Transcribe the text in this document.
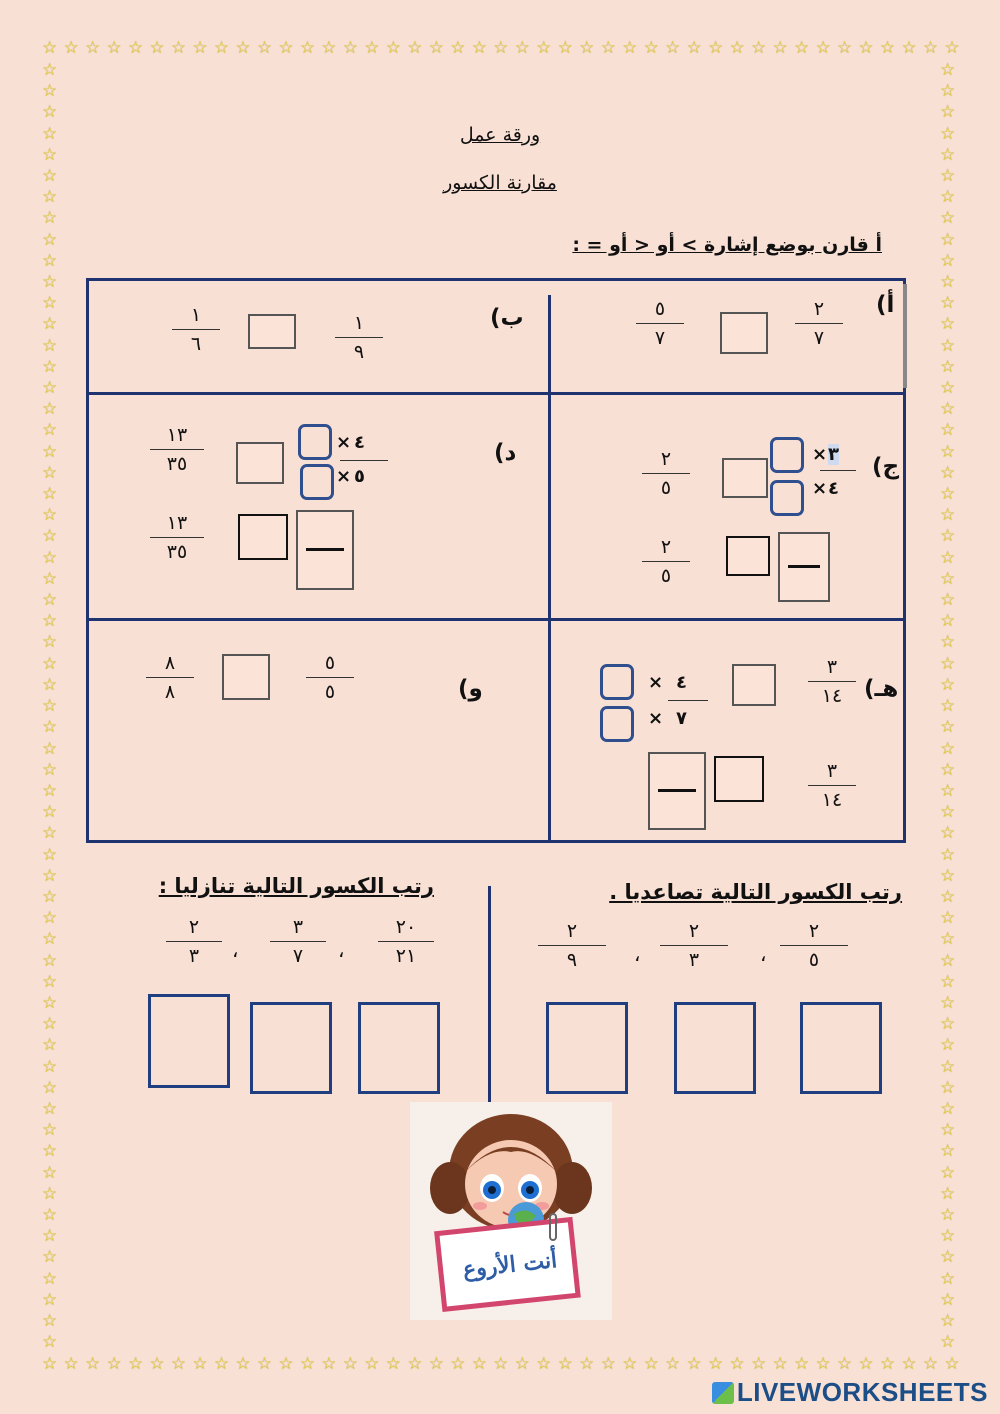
☆ ☆ ☆ ☆ ☆ ☆ ☆ ☆ ☆ ☆ ☆ ☆ ☆ ☆ ☆ ☆ ☆ ☆ ☆ ☆ ☆ ☆ ☆ ☆ ☆ ☆ ☆ ☆ ☆ ☆ ☆ ☆ ☆ ☆ ☆ ☆ ☆ ☆ ☆ ☆ ☆ ☆ ☆
☆ ☆ ☆ ☆ ☆ ☆ ☆ ☆ ☆ ☆ ☆ ☆ ☆ ☆ ☆ ☆ ☆ ☆ ☆ ☆ ☆ ☆ ☆ ☆ ☆ ☆ ☆ ☆ ☆ ☆ ☆ ☆ ☆ ☆ ☆ ☆ ☆ ☆ ☆ ☆ ☆ ☆ ☆
☆
☆
☆
☆
☆
☆
☆
☆
☆
☆
☆
☆
☆
☆
☆
☆
☆
☆
☆
☆
☆
☆
☆
☆
☆
☆
☆
☆
☆
☆
☆
☆
☆
☆
☆
☆
☆
☆
☆
☆
☆
☆
☆
☆
☆
☆
☆
☆
☆
☆
☆
☆
☆
☆
☆
☆
☆
☆
☆
☆
☆
☆
☆
☆
☆
☆
☆
☆
☆
☆
☆
☆
☆
☆
☆
☆
☆
☆
☆
☆
☆
☆
☆
☆
☆
☆
☆
☆
☆
☆
☆
☆
☆
☆
☆
☆
☆
☆
☆
☆
☆
☆
☆
☆
☆
☆
☆
☆
☆
☆
☆
☆
☆
☆
☆
☆
☆
☆
☆
☆
☆
☆
ورقة عمل
مقارنة الكسور
أ قارن بوضع إشارة > أو < أو = :
أ)
٢
٧
٥
٧
ب)
١
٩
١
٦
ج)
× ٣
× ٤
٢
٥
٢
٥
د)
× ٤
× ٥
١٣
٣٥
١٣
٣٥
هـ)
٣
١٤
× ٤
× ٧
٣
١٤
و)
٥
٥
٨
٨
رتب الكسور التالية تصاعديا .
٢
٥
،
٢
٣
،
٢
٩
رتب الكسور التالية تنازليا :
٢٠
٢١
،
٣
٧
،
٢
٣
أنت الأروع
LIVEWORKSHEETS
